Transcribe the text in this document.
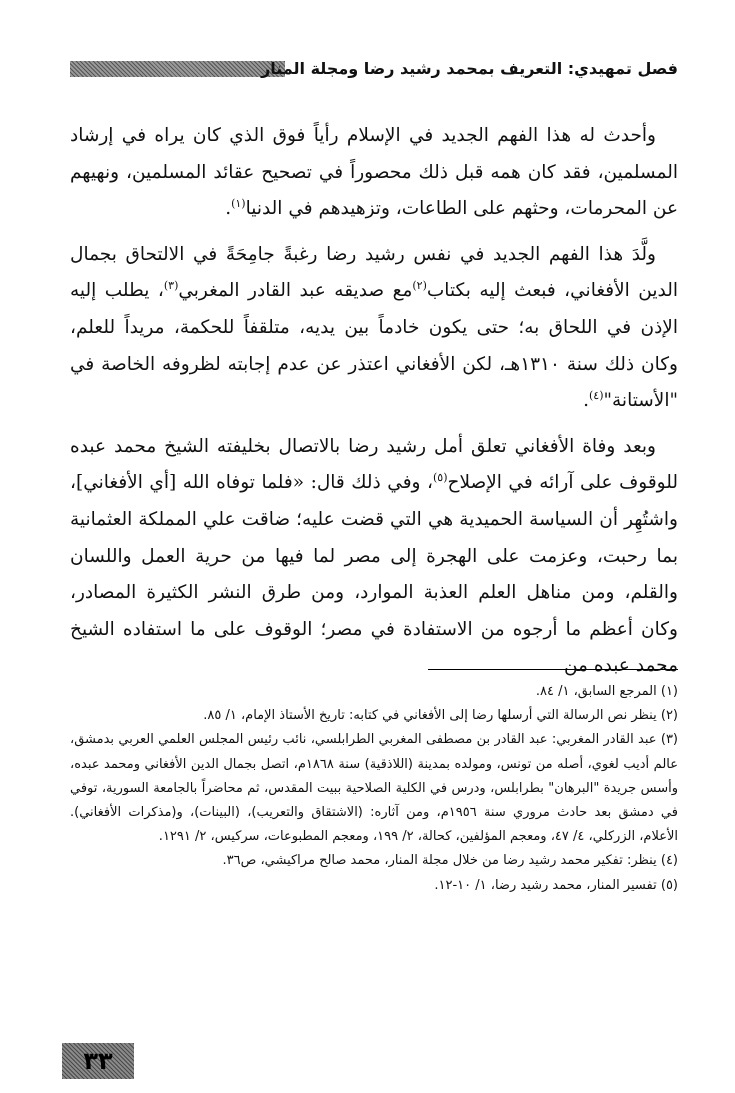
فصل تمهيدي: التعريف بمحمد رشيد رضا ومجلة المنار

وأحدث له هذا الفهم الجديد في الإسلام رأياً فوق الذي كان يراه في إرشاد المسلمين، فقد كان همه قبل ذلك محصوراً في تصحيح عقائد المسلمين، ونهيهم عن المحرمات، وحثهم على الطاعات، وتزهيدهم في الدنيا$^{(١)}$.

ولَّدَ هذا الفهم الجديد في نفس رشيد رضا رغبةً جامِحَةً في الالتحاق بجمال الدين الأفغاني، فبعث إليه بكتاب$^{(٢)}$مع صديقه عبد القادر المغربي$^{(٣)}$، يطلب إليه الإذن في اللحاق به؛ حتى يكون خادماً بين يديه، متلقفاً للحكمة، مريداً للعلم، وكان ذلك سنة ١٣١٠هـ، لكن الأفغاني اعتذر عن عدم إجابته لظروفه الخاصة في "الأستانة"$^{(٤)}$.

وبعد وفاة الأفغاني تعلق أمل رشيد رضا بالاتصال بخليفته الشيخ محمد عبده للوقوف على آرائه في الإصلاح$^{(٥)}$، وفي ذلك قال: «فلما توفاه الله [أي الأفغاني]، واشتُهِر أن السياسة الحميدية هي التي قضت عليه؛ ضاقت علي المملكة العثمانية بما رحبت، وعزمت على الهجرة إلى مصر لما فيها من حرية العمل واللسان والقلم، ومن مناهل العلم العذبة الموارد، ومن طرق النشر الكثيرة المصادر، وكان أعظم ما أرجوه من الاستفادة في مصر؛ الوقوف على ما استفاده الشيخ محمد عبده من

(١) المرجع السابق، ١/ ٨٤.

(٢) ينظر نص الرسالة التي أرسلها رضا إلى الأفغاني في كتابه: تاريخ الأستاذ الإمام، ١/ ٨٥.

(٣) عبد القادر المغربي: عبد القادر بن مصطفى المغربي الطرابلسي، نائب رئيس المجلس العلمي العربي بدمشق، عالم أديب لغوي، أصله من تونس، ومولده بمدينة (اللاذقية) سنة ١٨٦٨م، اتصل بجمال الدين الأفغاني ومحمد عبده، وأسس جريدة "البرهان" بطرابلس، ودرس في الكلية الصلاحية ببيت المقدس، ثم محاضراً بالجامعة السورية، توفي في دمشق بعد حادث مروري سنة ١٩٥٦م، ومن آثاره: (الاشتقاق والتعريب)، (البينات)، و(مذكرات الأفغاني). الأعلام، الزركلي، ٤/ ٤٧، ومعجم المؤلفين، كحالة، ٢/ ١٩٩، ومعجم المطبوعات، سركيس، ٢/ ١٢٩١.

(٤) ينظر: تفكير محمد رشيد رضا من خلال مجلة المنار، محمد صالح مراكيشي، ص٣٦.

(٥) تفسير المنار، محمد رشيد رضا، ١/ ١٠-١٢.

٣٣
